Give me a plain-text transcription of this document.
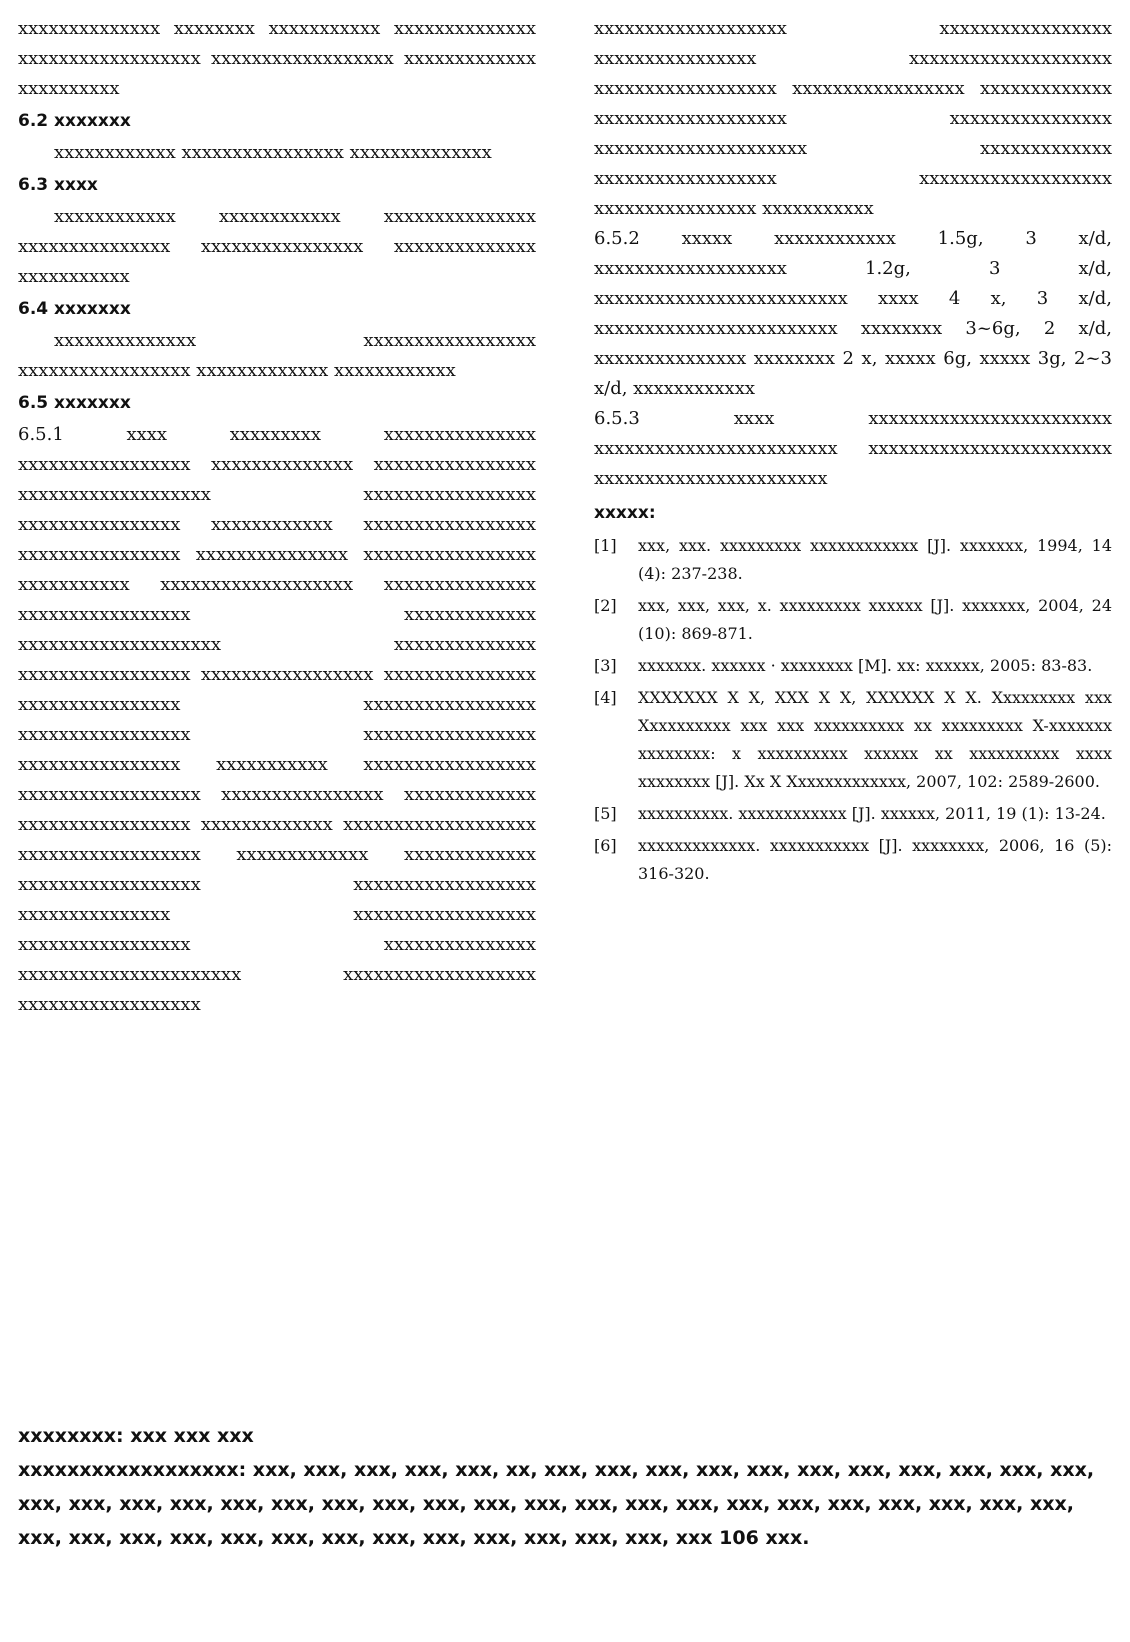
xxxxxxxxxxxxxx xxxxxxxx xxxxxxxxxxx xxxxxxxxxxxxxx xxxxxxxxxxxxxxxxxx xxxxxxxxxxxxxxxxxx xxxxxxxxxxxxx xxxxxxxxxx

6.2 xxxxxxx

xxxxxxxxxxxx xxxxxxxxxxxxxxxx xxxxxxxxxxxxxx

6.3 xxxx

xxxxxxxxxxxx xxxxxxxxxxxx xxxxxxxxxxxxxxx xxxxxxxxxxxxxxx xxxxxxxxxxxxxxxx xxxxxxxxxxxxxx xxxxxxxxxxx

6.4 xxxxxxx

xxxxxxxxxxxxxx xxxxxxxxxxxxxxxxx xxxxxxxxxxxxxxxxx xxxxxxxxxxxxx xxxxxxxxxxxx

6.5 xxxxxxx

6.5.1 xxxx xxxxxxxxx xxxxxxxxxxxxxxx xxxxxxxxxxxxxxxxx xxxxxxxxxxxxxx xxxxxxxxxxxxxxxx xxxxxxxxxxxxxxxxxxx xxxxxxxxxxxxxxxxx xxxxxxxxxxxxxxxx xxxxxxxxxxxx xxxxxxxxxxxxxxxxx xxxxxxxxxxxxxxxx xxxxxxxxxxxxxxx xxxxxxxxxxxxxxxxx xxxxxxxxxxx xxxxxxxxxxxxxxxxxxx xxxxxxxxxxxxxxx xxxxxxxxxxxxxxxxx xxxxxxxxxxxxx xxxxxxxxxxxxxxxxxxxx xxxxxxxxxxxxxx xxxxxxxxxxxxxxxxx xxxxxxxxxxxxxxxxx xxxxxxxxxxxxxxx xxxxxxxxxxxxxxxx xxxxxxxxxxxxxxxxx xxxxxxxxxxxxxxxxx xxxxxxxxxxxxxxxxx xxxxxxxxxxxxxxxx xxxxxxxxxxx xxxxxxxxxxxxxxxxx xxxxxxxxxxxxxxxxxx xxxxxxxxxxxxxxxx xxxxxxxxxxxxx xxxxxxxxxxxxxxxxx xxxxxxxxxxxxx xxxxxxxxxxxxxxxxxxx xxxxxxxxxxxxxxxxxx xxxxxxxxxxxxx xxxxxxxxxxxxx xxxxxxxxxxxxxxxxxx xxxxxxxxxxxxxxxxxx xxxxxxxxxxxxxxx xxxxxxxxxxxxxxxxxx xxxxxxxxxxxxxxxxx xxxxxxxxxxxxxxx xxxxxxxxxxxxxxxxxxxxxx xxxxxxxxxxxxxxxxxxx xxxxxxxxxxxxxxxxxx

xxxxxxxxxxxxxxxxxxx xxxxxxxxxxxxxxxxx xxxxxxxxxxxxxxxx xxxxxxxxxxxxxxxxxxxx xxxxxxxxxxxxxxxxxx xxxxxxxxxxxxxxxxx xxxxxxxxxxxxx xxxxxxxxxxxxxxxxxxx xxxxxxxxxxxxxxxx xxxxxxxxxxxxxxxxxxxxx xxxxxxxxxxxxx xxxxxxxxxxxxxxxxxx xxxxxxxxxxxxxxxxxxx xxxxxxxxxxxxxxxx xxxxxxxxxxx

6.5.2 xxxxx xxxxxxxxxxxx 1.5g, 3 x/d, xxxxxxxxxxxxxxxxxxx 1.2g, 3 x/d, xxxxxxxxxxxxxxxxxxxxxxxxx xxxx 4 x, 3 x/d, xxxxxxxxxxxxxxxxxxxxxxxx xxxxxxxx 3~6g, 2 x/d, xxxxxxxxxxxxxxx xxxxxxxx 2 x, xxxxx 6g, xxxxx 3g, 2~3 x/d, xxxxxxxxxxxx

6.5.3 xxxx xxxxxxxxxxxxxxxxxxxxxxxx xxxxxxxxxxxxxxxxxxxxxxxx xxxxxxxxxxxxxxxxxxxxxxxx xxxxxxxxxxxxxxxxxxxxxxx

xxxxx:
[1]	xxx, xxx. xxxxxxxxx xxxxxxxxxxxx [J]. xxxxxxx, 1994, 14 (4): 237-238.
[2]	xxx, xxx, xxx, x. xxxxxxxxx xxxxxx [J]. xxxxxxx, 2004, 24 (10): 869-871.
[3]	xxxxxxx. xxxxxx · xxxxxxxx [M]. xx: xxxxxx, 2005: 83-83.
[4]	XXXXXXX X X, XXX X X, XXXXXX X X. Xxxxxxxxx xxx Xxxxxxxxxx xxx xxx xxxxxxxxxx xx xxxxxxxxx X-xxxxxxx xxxxxxxx: x xxxxxxxxxx xxxxxx xx xxxxxxxxxx xxxx xxxxxxxx [J]. Xx X Xxxxxxxxxxxxx, 2007, 102: 2589-2600.
[5]	xxxxxxxxxx. xxxxxxxxxxxx [J]. xxxxxx, 2011, 19 (1): 13-24.
[6]	xxxxxxxxxxxxx. xxxxxxxxxxx [J]. xxxxxxxx, 2006, 16 (5): 316-320.

xxxxxxxx: xxx xxx xxx

xxxxxxxxxxxxxxxxxx: xxx, xxx, xxx, xxx, xxx, xx, xxx, xxx, xxx, xxx, xxx, xxx, xxx, xxx, xxx, xxx, xxx, xxx, xxx, xxx, xxx, xxx, xxx, xxx, xxx, xxx, xxx, xxx, xxx, xxx, xxx, xxx, xxx, xxx, xxx, xxx, xxx, xxx, xxx, xxx, xxx, xxx, xxx, xxx, xxx, xxx, xxx, xxx, xxx, xxx, xxx, xxx 106 xxx.
